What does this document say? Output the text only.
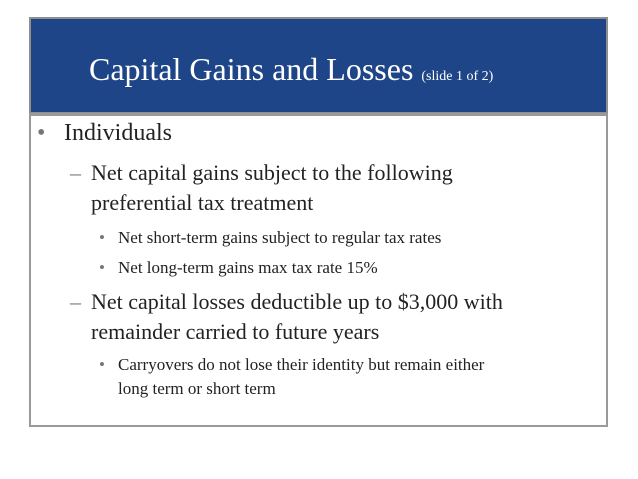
Capital Gains and Losses (slide 1 of 2)
• Individuals
– Net capital gains subject to the following
preferential tax treatment
• Net short-term gains subject to regular tax rates
• Net long-term gains max tax rate 15%
– Net capital losses deductible up to $3,000 with
remainder carried to future years
• Carryovers do not lose their identity but remain either
long term or short term
